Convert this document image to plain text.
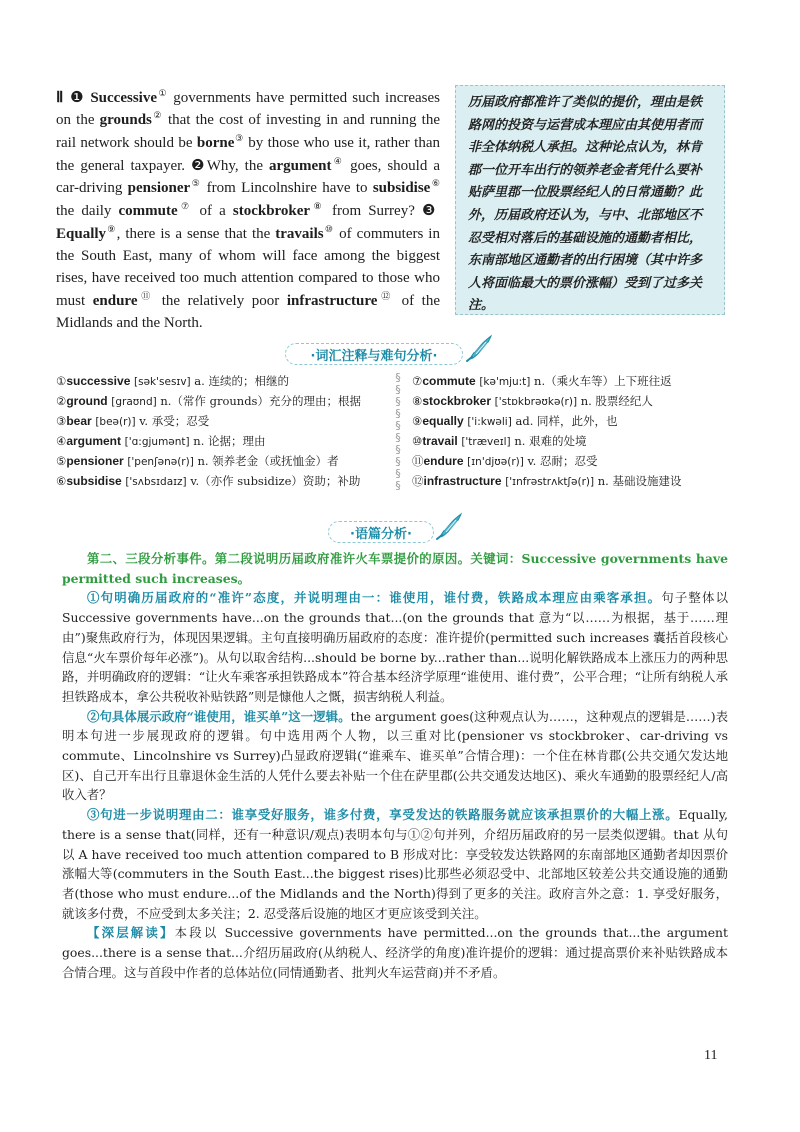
Ⅱ ❶ Successive① governments have permitted such increases on the grounds② that the cost of investing in and running the rail network should be borne③ by those who use it, rather than the general taxpayer. ❷Why, the argument④ goes, should a car-driving pensioner⑤ from Lincolnshire have to subsidise⑥ the daily commute⑦ of a stockbroker⑧ from Surrey? ❸ Equally⑨, there is a sense that the travails⑩ of commuters in the South East, many of whom will face among the biggest rises, have received too much attention compared to those who must endure⑪ the relatively poor infrastructure⑫ of the Midlands and the North.
历届政府都准许了类似的提价，理由是铁路网的投资与运营成本理应由其使用者而非全体纳税人承担。这种论点认为，林肯郡一位开车出行的领养老金者凭什么要补贴萨里郡一位股票经纪人的日常通勤？此外，历届政府还认为，与中、北部地区不忍受相对落后的基础设施的通勤者相比，东南部地区通勤者的出行困境（其中许多人将面临最大的票价涨幅）受到了过多关注。
·词汇注释与难句分析·
①successive [sək'sesɪv] a. 连续的；相继的
②ground [graʊnd] n.（常作 grounds）充分的理由；根据
③bear [beə(r)] v. 承受；忍受
④argument ['ɑ:gjumənt] n. 论据；理由
⑤pensioner ['penʃənə(r)] n. 领养老金（或抚恤金）者
⑥subsidise ['sʌbsɪdaɪz] v.（亦作 subsidize）资助；补助
§
§
§
§
§
§
§
§
§
§
⑦commute [kə'mju:t] n.（乘火车等）上下班往返
⑧stockbroker ['stɒkbrəʊkə(r)] n. 股票经纪人
⑨equally ['i:kwəli] ad. 同样，此外，也
⑩travail ['træveɪl] n. 艰难的处境
⑪endure [ɪn'djʊə(r)] v. 忍耐；忍受
⑫infrastructure ['ɪnfrəstrʌktʃə(r)] n. 基础设施建设
·语篇分析·

第二、三段分析事件。第二段说明历届政府准许火车票提价的原因。关键词：Successive governments have permitted such increases。

①句明确历届政府的“准许”态度，并说明理由一：谁使用，谁付费，铁路成本理应由乘客承担。句子整体以 Successive governments have...on the grounds that...(on the grounds that 意为“以……为根据，基于……理由”)聚焦政府行为，体现因果逻辑。主句直接明确历届政府的态度：准许提价(permitted such increases 囊括首段核心信息“火车票价每年必涨”)。从句以取舍结构...should be borne by...rather than...说明化解铁路成本上涨压力的两种思路，并明确政府的逻辑：“让火车乘客承担铁路成本”符合基本经济学原理“谁使用、谁付费”，公平合理；“让所有纳税人承担铁路成本，拿公共税收补贴铁路”则是慷他人之慨，损害纳税人利益。

②句具体展示政府“谁使用，谁买单”这一逻辑。the argument goes(这种观点认为……，这种观点的逻辑是……)表明本句进一步展现政府的逻辑。句中选用两个人物，以三重对比(pensioner vs stockbroker、car-driving vs commute、Lincolnshire vs Surrey)凸显政府逻辑(“谁乘车、谁买单”合情合理)：一个住在林肯郡(公共交通欠发达地区)、自己开车出行且靠退休金生活的人凭什么要去补贴一个住在萨里郡(公共交通发达地区)、乘火车通勤的股票经纪人/高收入者？

③句进一步说明理由二：谁享受好服务，谁多付费，享受发达的铁路服务就应该承担票价的大幅上涨。Equally, there is a sense that(同样，还有一种意识/观点)表明本句与①②句并列，介绍历届政府的另一层类似逻辑。that 从句以 A have received too much attention compared to B 形成对比：享受较发达铁路网的东南部地区通勤者却因票价涨幅大等(commuters in the South East...the biggest rises)比那些必须忍受中、北部地区较差公共交通设施的通勤者(those who must endure...of the Midlands and the North)得到了更多的关注。政府言外之意：1. 享受好服务，就该多付费，不应受到太多关注；2. 忍受落后设施的地区才更应该受到关注。

【深层解读】本段以 Successive governments have permitted...on the grounds that...the argument goes...there is a sense that...介绍历届政府(从纳税人、经济学的角度)准许提价的逻辑：通过提高票价来补贴铁路成本合情合理。这与首段中作者的总体站位(同情通勤者、批判火车运营商)并不矛盾。

11
